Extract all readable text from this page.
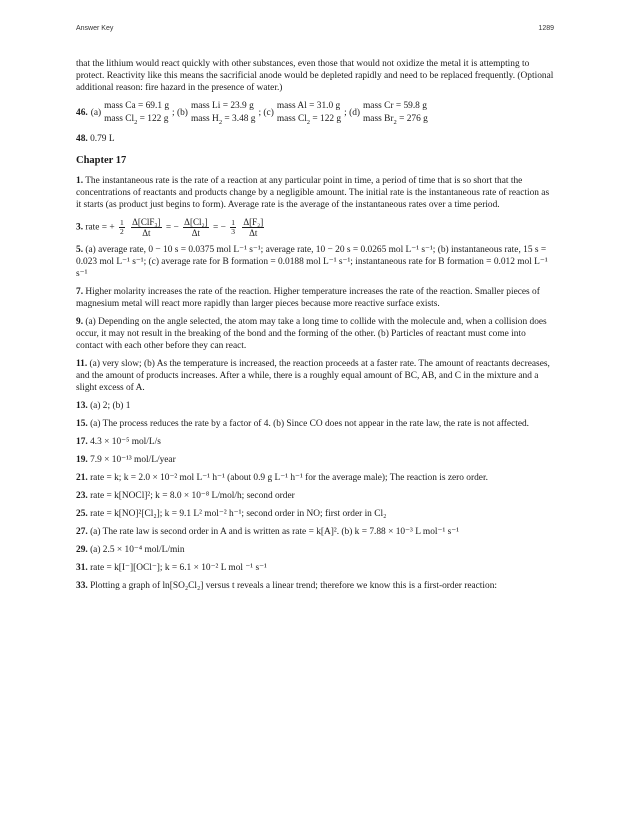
Answer Key	1289

that the lithium would react quickly with other substances, even those that would not oxidize the metal it is attempting to protect. Reactivity like this means the sacrificial anode would be depleted rapidly and need to be replaced frequently. (Optional additional reason: fire hazard in the presence of water.)

46. (a)
mass Ca = 69.1 g
mass $Cl_2 = 122$ g
; (b)
mass Li = 23.9 g
mass $H_2 = 3.48$ g
; (c)
mass Al = 31.0 g
mass $Cl_2 = 122$ g
; (d)
mass Cr = 59.8 g
mass $Br_2 = 276$ g

48. 0.79 L

Chapter 17

1. The instantaneous rate is the rate of a reaction at any particular point in time, a period of time that is so short that the concentrations of reactants and products change by a negligible amount. The initial rate is the instantaneous rate of reaction as it starts (as product just begins to form). Average rate is the average of the instantaneous rates over a time period.

3. rate = + $\frac{1}{2}$
$\frac{\text{Δ[ClF₃]}}{\Delta t}$ = − $\frac{\text{Δ[Cl₂]}}{\Delta t}$ = − $\frac{1}{3}$
$\frac{\text{Δ[F₂]}}{\Delta t}$

5. (a) average rate, 0 − 10 s = 0.0375 mol L⁻¹ s⁻¹; average rate, 10 − 20 s = 0.0265 mol L⁻¹ s⁻¹; (b) instantaneous rate, 15 s = 0.023 mol L⁻¹ s⁻¹; (c) average rate for B formation = 0.0188 mol L⁻¹ s⁻¹; instantaneous rate for B formation = 0.012 mol L⁻¹ s⁻¹

7. Higher molarity increases the rate of the reaction. Higher temperature increases the rate of the reaction. Smaller pieces of magnesium metal will react more rapidly than larger pieces because more reactive surface exists.

9. (a) Depending on the angle selected, the atom may take a long time to collide with the molecule and, when a collision does occur, it may not result in the breaking of the bond and the forming of the other. (b) Particles of reactant must come into contact with each other before they can react.

11. (a) very slow; (b) As the temperature is increased, the reaction proceeds at a faster rate. The amount of reactants decreases, and the amount of products increases. After a while, there is a roughly equal amount of BC, AB, and C in the mixture and a slight excess of A.

13. (a) 2; (b) 1

15. (a) The process reduces the rate by a factor of 4. (b) Since CO does not appear in the rate law, the rate is not affected.

17. 4.3 × 10⁻⁵ mol/L/s

19. 7.9 × 10⁻¹³ mol/L/year

21. rate = k; k = 2.0 × 10⁻² mol L⁻¹ h⁻¹ (about 0.9 g L⁻¹ h⁻¹ for the average male); The reaction is zero order.

23. rate = k[NOCl]²; k = 8.0 × 10⁻⁸ L/mol/h; second order

25. rate = k[NO]²[Cl₂]; k = 9.1 L² mol⁻² h⁻¹; second order in NO; first order in Cl₂

27. (a) The rate law is second order in A and is written as rate = k[A]². (b) k = 7.88 × 10⁻³ L mol⁻¹ s⁻¹

29. (a) 2.5 × 10⁻⁴ mol/L/min

31. rate = k[I⁻][OCl⁻]; k = 6.1 × 10⁻² L mol ⁻¹ s⁻¹

33. Plotting a graph of ln[SO₂Cl₂] versus t reveals a linear trend; therefore we know this is a first-order reaction:
